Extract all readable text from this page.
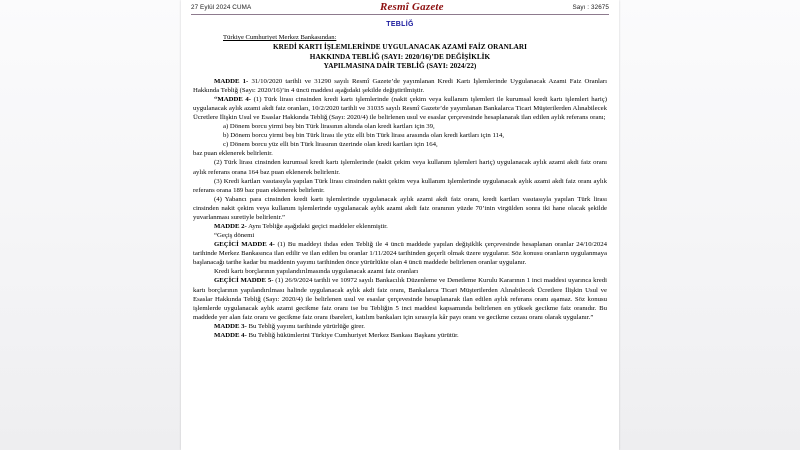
27 Eylül 2024 CUMA	Resmî Gazete	Sayı : 32675
TEBLİĞ
Türkiye Cumhuriyet Merkez Bankasından:
KREDİ KARTI İŞLEMLERİNDE UYGULANACAK AZAMİ FAİZ ORANLARI
HAKKINDA TEBLİĞ (SAYI: 2020/16)’DE DEĞİŞİKLİK
YAPILMASINA DAİR TEBLİĞ (SAYI: 2024/22)

MADDE 1- 31/10/2020 tarihli ve 31290 sayılı Resmî Gazete’de yayımlanan Kredi Kartı İşlemlerinde Uygulanacak Azami Faiz Oranları Hakkında Tebliğ (Sayı: 2020/16)’in 4 üncü maddesi aşağıdaki şekilde değiştirilmiştir.

“MADDE 4- (1) Türk lirası cinsinden kredi kartı işlemlerinde (nakit çekim veya kullanım işlemleri ile kurumsal kredi kartı işlemleri hariç) uygulanacak aylık azami akdi faiz oranları, 10/2/2020 tarihli ve 31035 sayılı Resmî Gazete’de yayımlanan Bankalarca Ticari Müşterilerden Alınabilecek Ücretlere İlişkin Usul ve Esaslar Hakkında Tebliğ (Sayı: 2020/4) ile belirlenen usul ve esaslar çerçevesinde hesaplanarak ilan edilen aylık referans oranı;

a) Dönem borcu yirmi beş bin Türk lirasının altında olan kredi kartları için 39,

b) Dönem borcu yirmi beş bin Türk lirası ile yüz elli bin Türk lirası arasında olan kredi kartları için 114,

c) Dönem borcu yüz elli bin Türk lirasının üzerinde olan kredi kartları için 164,

baz puan eklenerek belirlenir.

(2) Türk lirası cinsinden kurumsal kredi kartı işlemlerinde (nakit çekim veya kullanım işlemleri hariç) uygulanacak aylık azami akdi faiz oranı aylık referans orana 164 baz puan eklenerek belirlenir.

(3) Kredi kartları vasıtasıyla yapılan Türk lirası cinsinden nakit çekim veya kullanım işlemlerinde uygulanacak aylık azami akdi faiz oranı aylık referans orana 189 baz puan eklenerek belirlenir.

(4) Yabancı para cinsinden kredi kartı işlemlerinde uygulanacak aylık azami akdi faiz oranı, kredi kartları vasıtasıyla yapılan Türk lirası cinsinden nakit çekim veya kullanım işlemlerinde uygulanacak aylık azami akdi faiz oranının yüzde 70’inin virgülden sonra iki hane olacak şekilde yuvarlanması suretiyle belirlenir.”

MADDE 2- Aynı Tebliğe aşağıdaki geçici maddeler eklenmiştir.

“Geçiş dönemi

GEÇİCİ MADDE 4- (1) Bu maddeyi ihdas eden Tebliğ ile 4 üncü maddede yapılan değişiklik çerçevesinde hesaplanan oranlar 24/10/2024 tarihinde Merkez Bankasınca ilan edilir ve ilan edilen bu oranlar 1/11/2024 tarihinden geçerli olmak üzere uygulanır. Söz konusu oranların uygulanmaya başlanacağı tarihe kadar bu maddenin yayımı tarihinden önce yürürlükte olan 4 üncü maddede belirlenen oranlar uygulanır.

Kredi kartı borçlarının yapılandırılmasında uygulanacak azami faiz oranları

GEÇİCİ MADDE 5- (1) 26/9/2024 tarihli ve 10972 sayılı Bankacılık Düzenleme ve Denetleme Kurulu Kararının 1 inci maddesi uyarınca kredi kartı borçlarının yapılandırılması halinde uygulanacak aylık akdi faiz oranı, Bankalarca Ticari Müşterilerden Alınabilecek Ücretlere İlişkin Usul ve Esaslar Hakkında Tebliğ (Sayı: 2020/4) ile belirlenen usul ve esaslar çerçevesinde hesaplanarak ilan edilen aylık referans oranı aşamaz. Söz konusu işlemlerde uygulanacak aylık azami gecikme faiz oranı ise bu Tebliğin 5 inci maddesi kapsamında belirlenen en yüksek gecikme faiz oranıdır. Bu maddede yer alan faiz oranı ve gecikme faiz oranı ibareleri, katılım bankaları için sırasıyla kâr payı oranı ve gecikme cezası oranı olarak uygulanır.”

MADDE 3- Bu Tebliğ yayımı tarihinde yürürlüğe girer.

MADDE 4- Bu Tebliğ hükümlerini Türkiye Cumhuriyet Merkez Bankası Başkanı yürütür.
